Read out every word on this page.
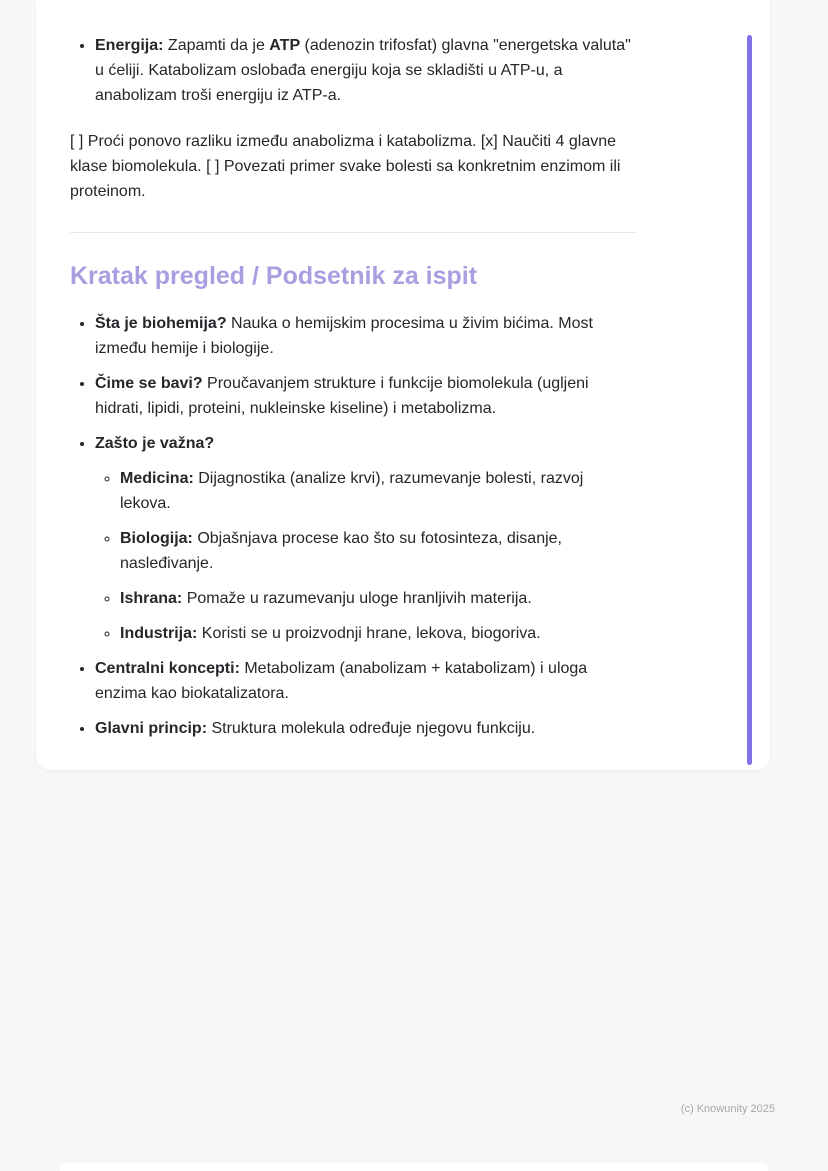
• Energija: Zapamti da je ATP (adenozin trifosfat) glavna "energetska valuta" u ćeliji. Katabolizam oslobađa energiju koja se skladišti u ATP-u, a anabolizam troši energiju iz ATP-a.

[ ] Proći ponovo razliku između anabolizma i katabolizma. [x] Naučiti 4 glavne klase biomolekula. [ ] Povezati primer svake bolesti sa konkretnim enzimom ili proteinom.

Kratak pregled / Podsetnik za ispit
• Šta je biohemija? Nauka o hemijskim procesima u živim bićima. Most između hemije i biologije.
• Čime se bavi? Proučavanjem strukture i funkcije biomolekula (ugljeni hidrati, lipidi, proteini, nukleinske kiseline) i metabolizma.
• Zašto je važna?
◦ Medicina: Dijagnostika (analize krvi), razumevanje bolesti, razvoj lekova.
◦ Biologija: Objašnjava procese kao što su fotosinteza, disanje, nasleđivanje.
◦ Ishrana: Pomaže u razumevanju uloge hranljivih materija.
◦ Industrija: Koristi se u proizvodnji hrane, lekova, biogoriva.
• Centralni koncepti: Metabolizam (anabolizam + katabolizam) i uloga enzima kao biokatalizatora.
• Glavni princip: Struktura molekula određuje njegovu funkciju.
(c) Knowunity 2025
